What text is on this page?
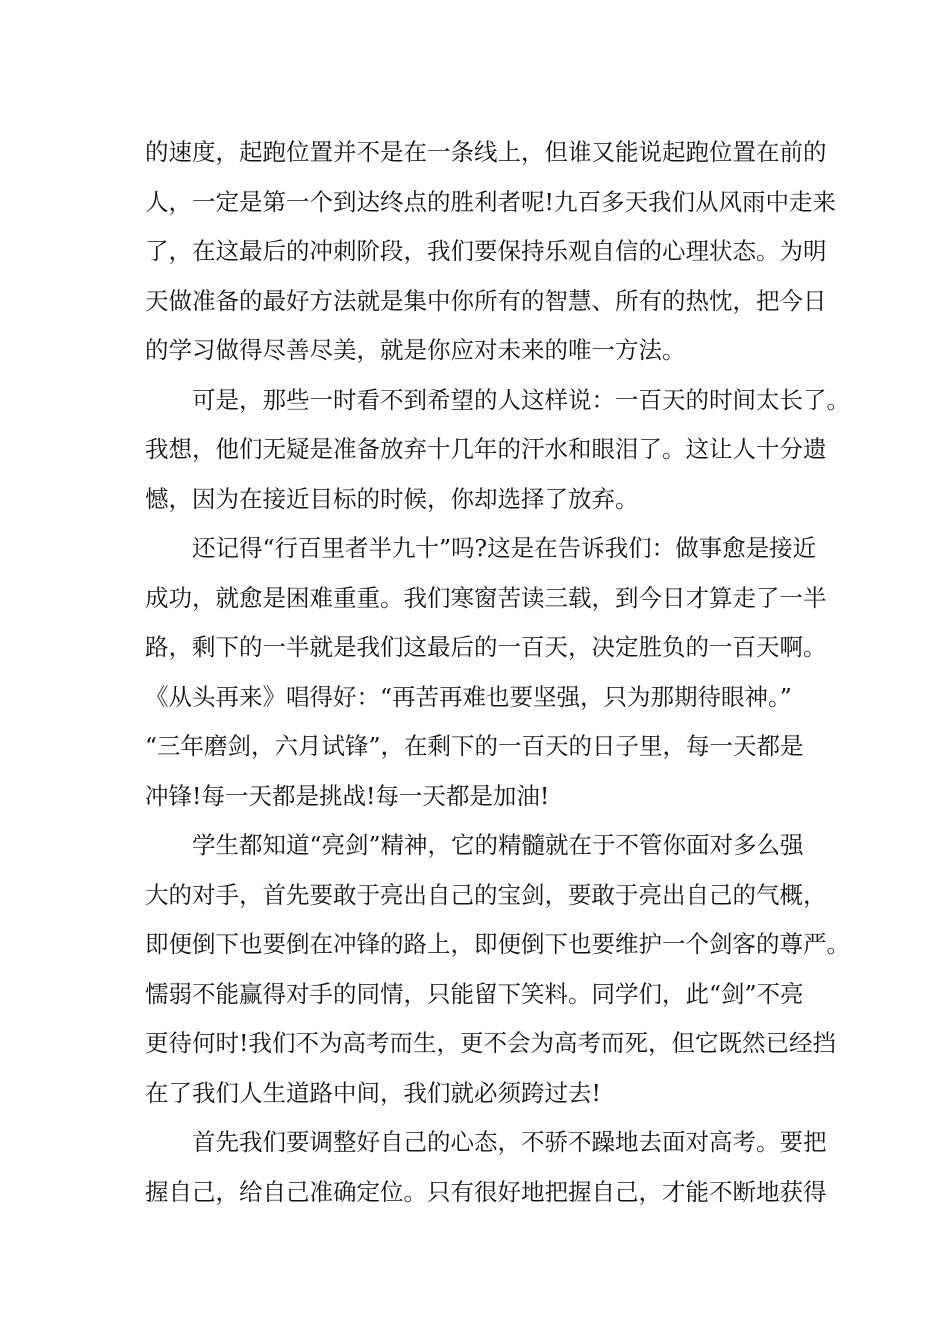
的速度，起跑位置并不是在一条线上，但谁又能说起跑位置在前的
人，一定是第一个到达终点的胜利者呢!九百多天我们从风雨中走来
了，在这最后的冲刺阶段，我们要保持乐观自信的心理状态。为明
天做准备的最好方法就是集中你所有的智慧、所有的热忱，把今日
的学习做得尽善尽美，就是你应对未来的唯一方法。
可是，那些一时看不到希望的人这样说：一百天的时间太长了。
我想，他们无疑是准备放弃十几年的汗水和眼泪了。这让人十分遗
憾，因为在接近目标的时候，你却选择了放弃。
还记得“行百里者半九十”吗?这是在告诉我们：做事愈是接近
成功，就愈是困难重重。我们寒窗苦读三载，到今日才算走了一半
路，剩下的一半就是我们这最后的一百天，决定胜负的一百天啊。
《从头再来》唱得好：“再苦再难也要坚强，只为那期待眼神。”
“三年磨剑，六月试锋”，在剩下的一百天的日子里，每一天都是
冲锋!每一天都是挑战!每一天都是加油!
学生都知道“亮剑”精神，它的精髓就在于不管你面对多么强
大的对手，首先要敢于亮出自己的宝剑，要敢于亮出自己的气概，
即便倒下也要倒在冲锋的路上，即便倒下也要维护一个剑客的尊严。
懦弱不能赢得对手的同情，只能留下笑料。同学们，此“剑”不亮
更待何时!我们不为高考而生，更不会为高考而死，但它既然已经挡
在了我们人生道路中间，我们就必须跨过去!
首先我们要调整好自己的心态，不骄不躁地去面对高考。要把
握自己，给自己准确定位。只有很好地把握自己，才能不断地获得
